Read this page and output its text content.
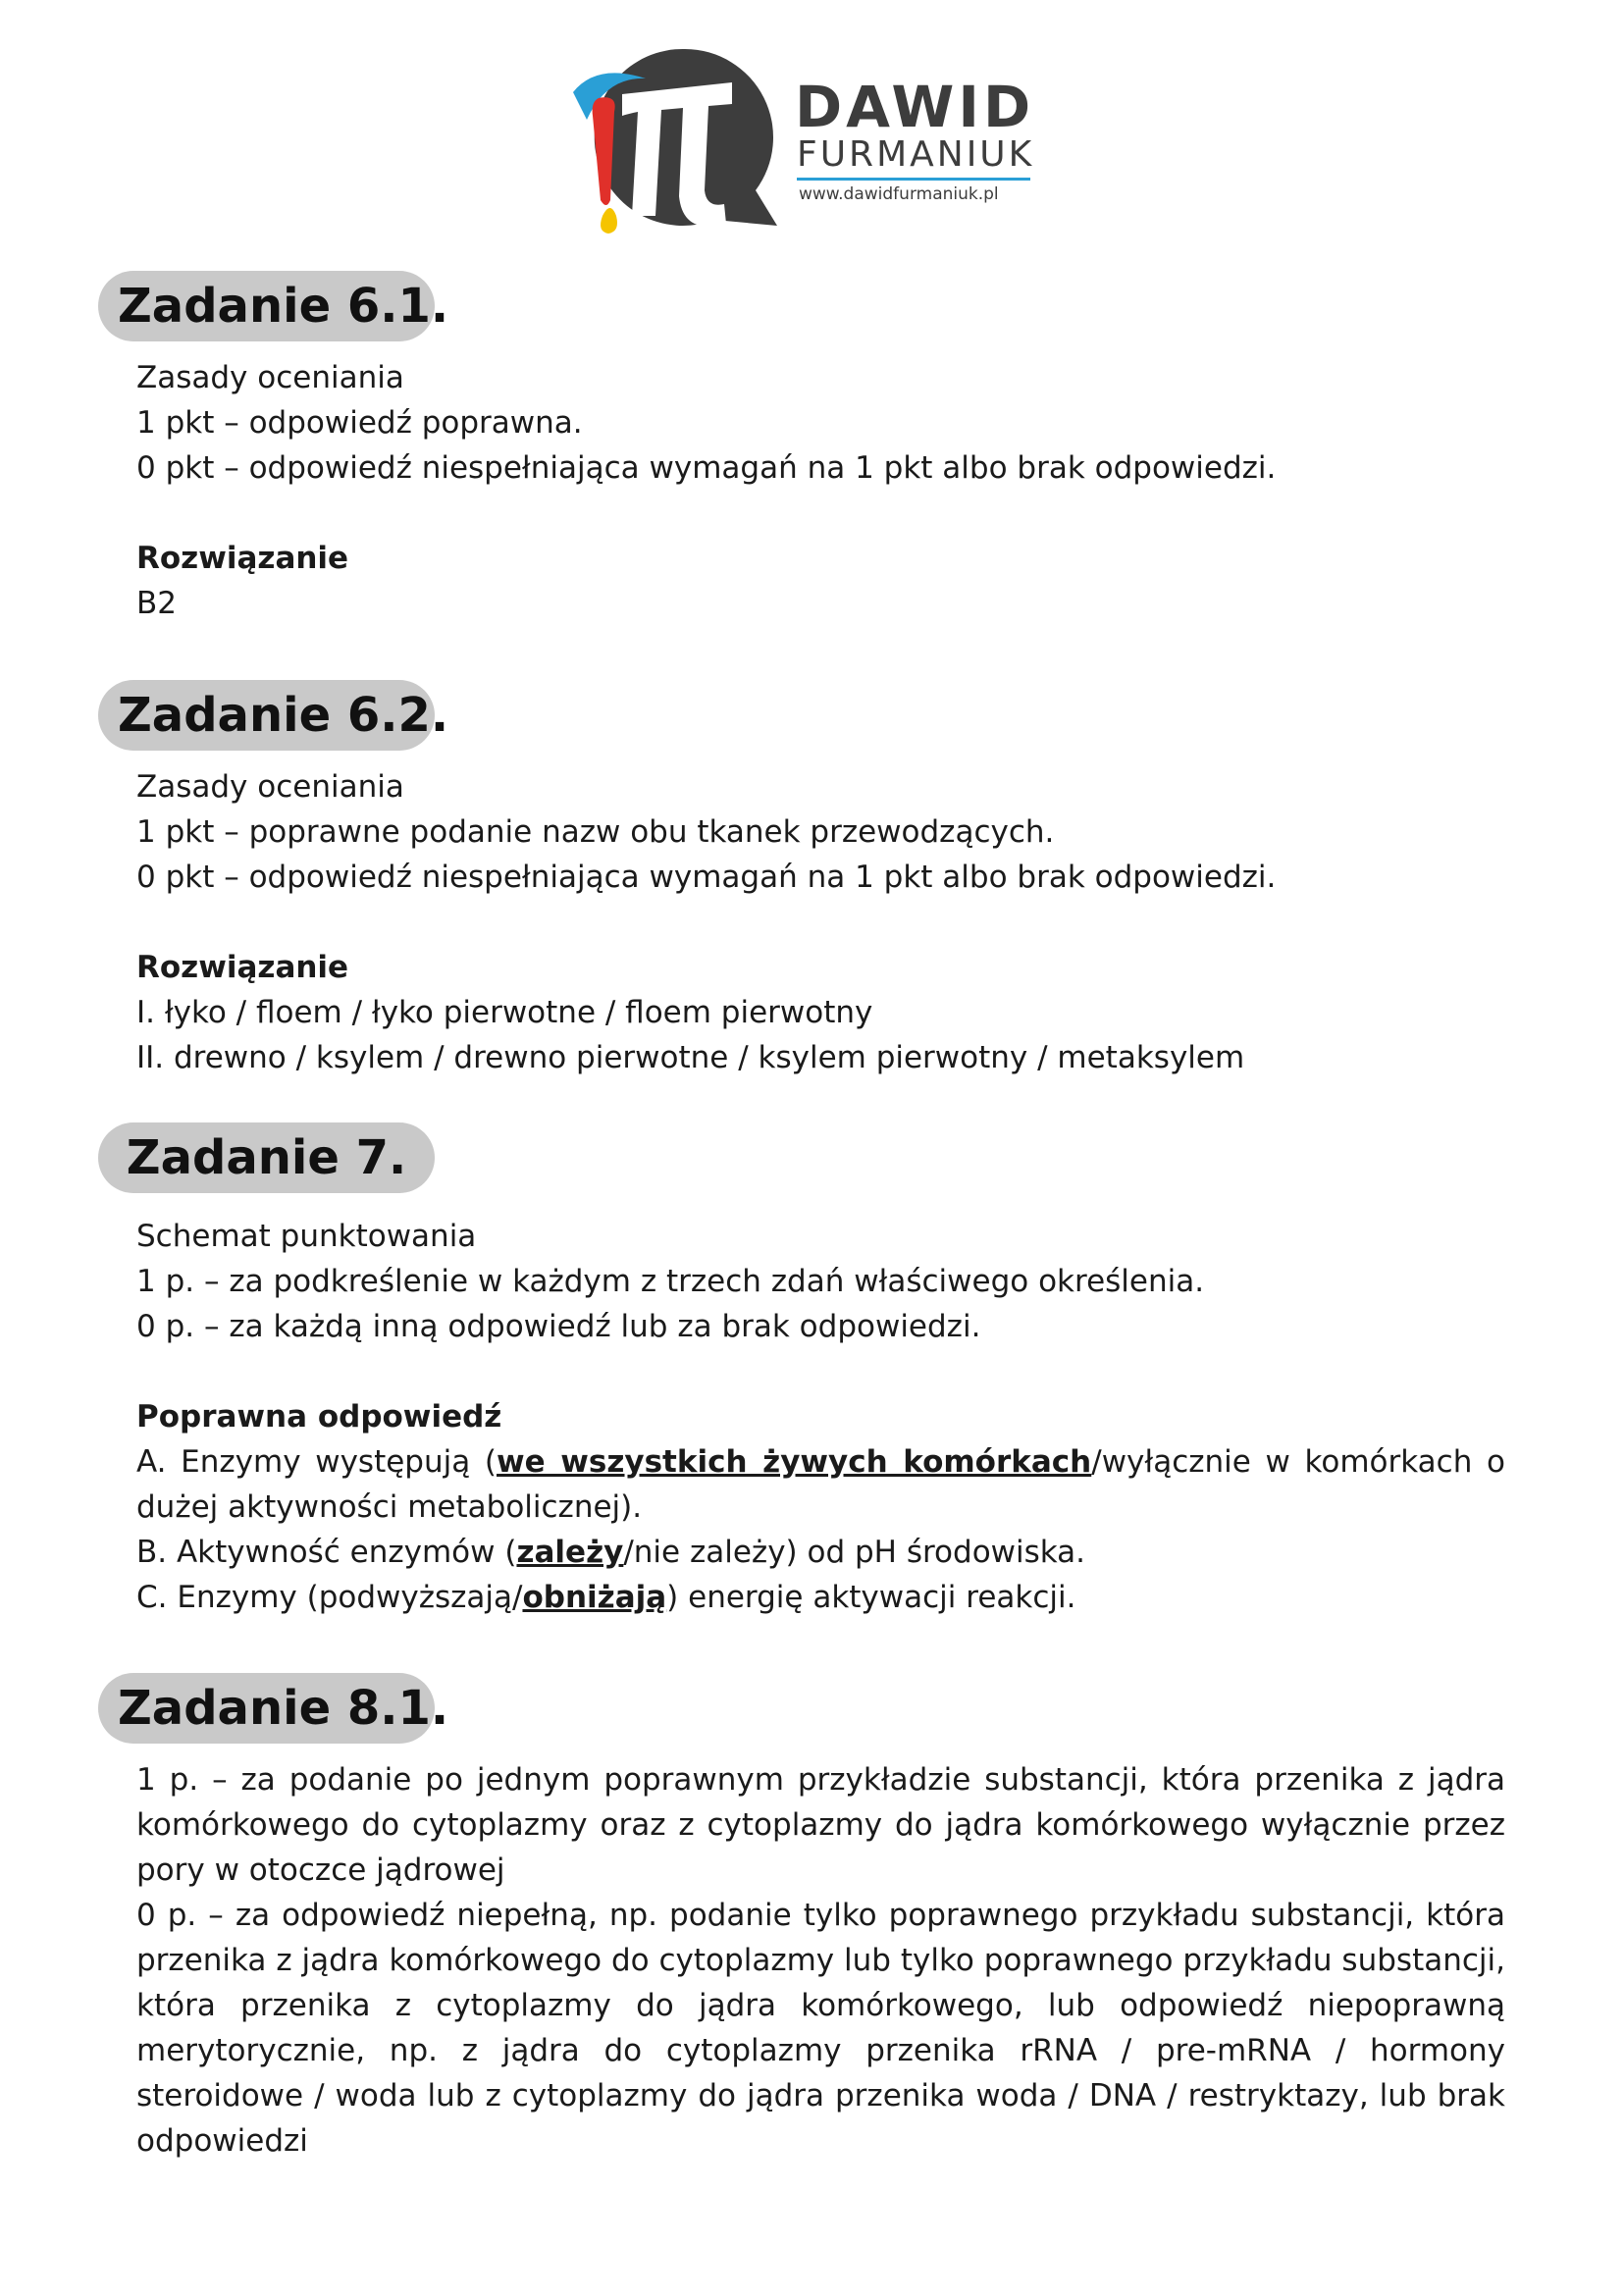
DAWID
FURMANIUK
www.dawidfurmaniuk.pl
Zadanie 6.1.

Zasady oceniania

1 pkt – odpowiedź poprawna.

0 pkt – odpowiedź niespełniająca wymagań na 1 pkt albo brak odpowiedzi.

Rozwiązanie

B2

Zadanie 6.2.

Zasady oceniania

1 pkt – poprawne podanie nazw obu tkanek przewodzących.

0 pkt – odpowiedź niespełniająca wymagań na 1 pkt albo brak odpowiedzi.

Rozwiązanie

I. łyko / floem / łyko pierwotne / floem pierwotny

II. drewno / ksylem / drewno pierwotne / ksylem pierwotny / metaksylem

Zadanie 7.

Schemat punktowania

1 p. – za podkreślenie w każdym z trzech zdań właściwego określenia.

0 p. – za każdą inną odpowiedź lub za brak odpowiedzi.

Poprawna odpowiedź

A. Enzymy występują (we wszystkich żywych komórkach/wyłącznie w komórkach o dużej aktywności metabolicznej).

B. Aktywność enzymów (zależy/nie zależy) od pH środowiska.

C. Enzymy (podwyższają/obniżają) energię aktywacji reakcji.

Zadanie 8.1.

1 p. – za podanie po jednym poprawnym przykładzie substancji, która przenika z jądra komórkowego do cytoplazmy oraz z cytoplazmy do jądra komórkowego wyłącznie przez pory w otoczce jądrowej

0 p. – za odpowiedź niepełną, np. podanie tylko poprawnego przykładu substancji, która przenika z jądra komórkowego do cytoplazmy lub tylko poprawnego przykładu substancji, która przenika z cytoplazmy do jądra komórkowego, lub odpowiedź niepoprawną merytorycznie, np. z jądra do cytoplazmy przenika rRNA / pre-mRNA / hormony steroidowe / woda lub z cytoplazmy do jądra przenika woda / DNA / restryktazy, lub brak odpowiedzi
